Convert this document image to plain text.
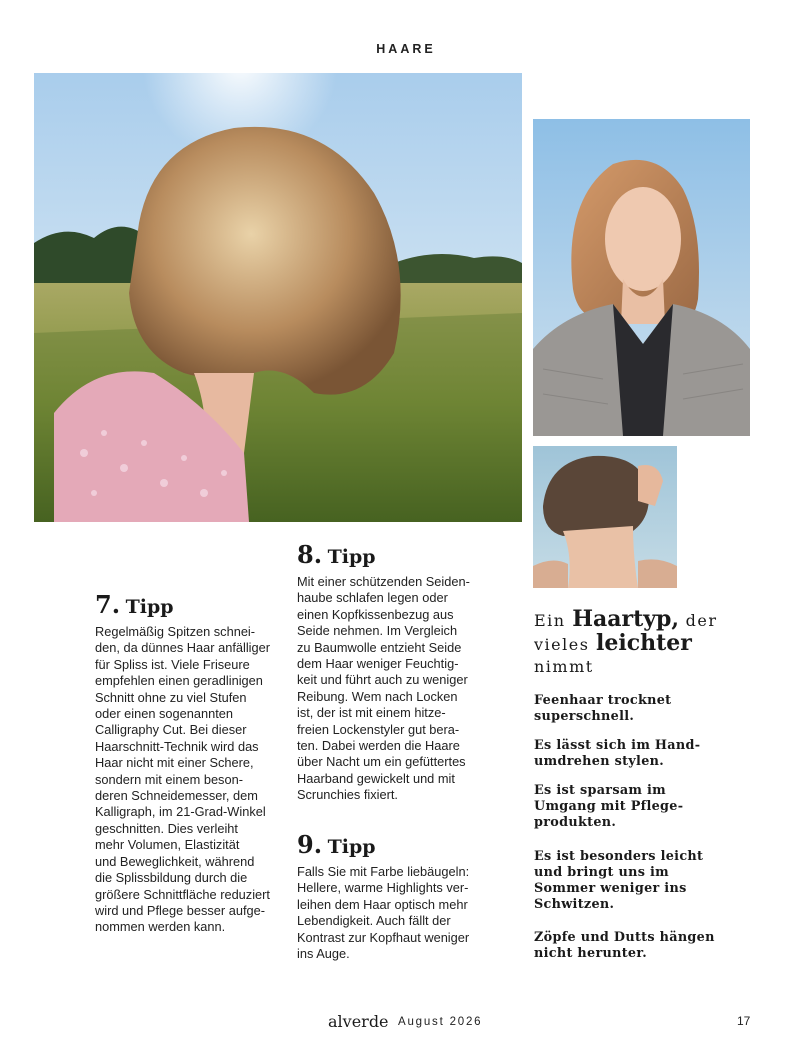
HAARE
7. Tipp
Regelmäßig Spitzen schnei-
den, da dünnes Haar anfälliger
für Spliss ist. Viele Friseure
empfehlen einen geradlinigen
Schnitt ohne zu viel Stufen
oder einen sogenannten
Calligraphy Cut. Bei dieser
Haarschnitt-Technik wird das
Haar nicht mit einer Schere,
sondern mit einem beson-
deren Schneidemesser, dem
Kalligraph, im 21-Grad-Winkel
geschnitten. Dies verleiht
mehr Volumen, Elastizität
und Beweglichkeit, während
die Splissbildung durch die
größere Schnittfläche reduziert
wird und Pflege besser aufge-
nommen werden kann.
8. Tipp
Mit einer schützenden Seiden-
haube schlafen legen oder
einen Kopfkissenbezug aus
Seide nehmen. Im Vergleich
zu Baumwolle entzieht Seide
dem Haar weniger Feuchtig-
keit und führt auch zu weniger
Reibung. Wem nach Locken
ist, der ist mit einem hitze-
freien Lockenstyler gut bera-
ten. Dabei werden die Haare
über Nacht um ein gefüttertes
Haarband gewickelt und mit
Scrunchies fixiert.
9. Tipp
Falls Sie mit Farbe liebäugeln:
Hellere, warme Highlights ver-
leihen dem Haar optisch mehr
Lebendigkeit. Auch fällt der
Kontrast zur Kopfhaut weniger
ins Auge.
Ein Haartyp, der
vieles leichter
nimmt
Feenhaar trocknet
superschnell.
Es lässt sich im Hand-
umdrehen stylen.
Es ist sparsam im
Umgang mit Pflege-
produkten.
Es ist besonders leicht
und bringt uns im
Sommer weniger ins
Schwitzen.
Zöpfe und Dutts hängen
nicht herunter.
alverde August 2026	17
